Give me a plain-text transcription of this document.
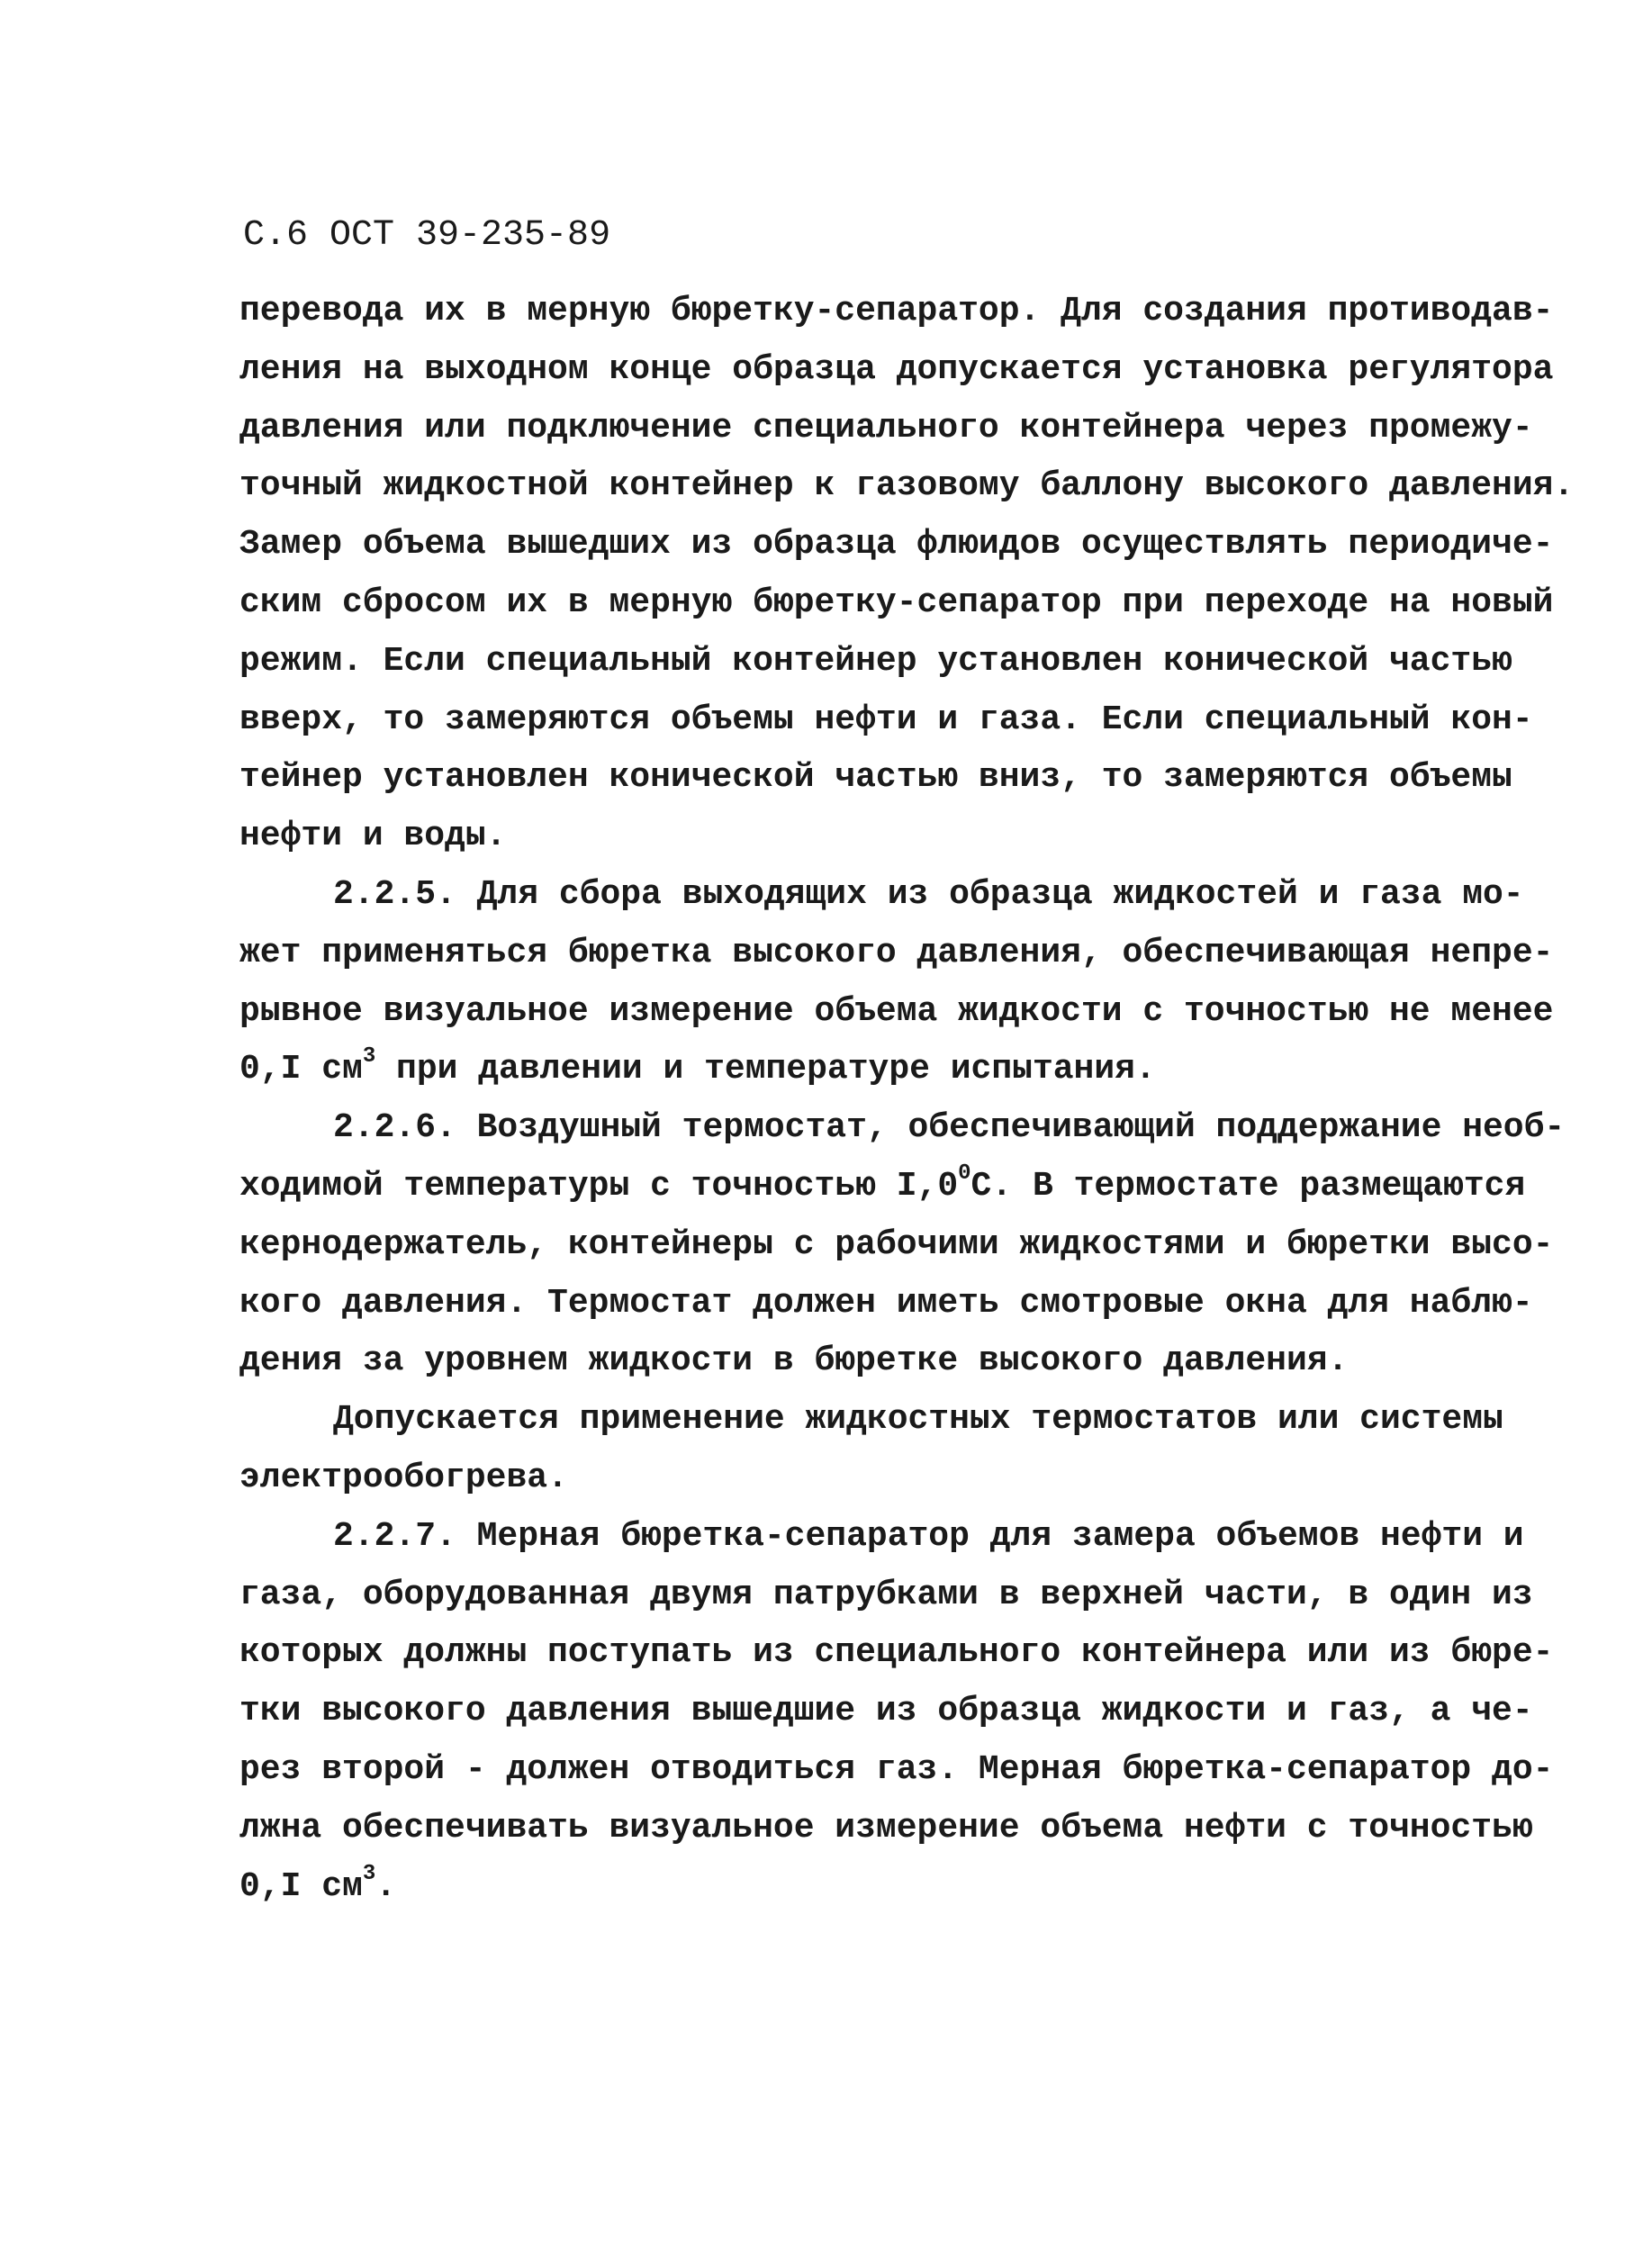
С.6 ОСТ 39-235-89
перевода их в мерную бюретку-сепаратор. Для создания противодав-
ления на выходном конце образца допускается установка регулятора
давления или подключение специального контейнера через промежу-
точный жидкостной контейнер к газовому баллону высокого давления.
Замер объема вышедших из образца флюидов осуществлять периодиче-
ским сбросом их в мерную бюретку-сепаратор при переходе на новый
режим. Если специальный контейнер установлен конической частью
вверх, то замеряются объемы нефти и газа. Если специальный кон-
тейнер установлен конической частью вниз, то замеряются объемы
нефти и воды.
2.2.5. Для сбора выходящих из образца жидкостей и газа мо-
жет применяться бюретка высокого давления, обеспечивающая непре-
рывное визуальное измерение объема жидкости с точностью не менее
0,I $см^3$ при давлении и температуре испытания.
2.2.6. Воздушный термостат, обеспечивающий поддержание необ-
ходимой температуры с точностью $I,0^0С$. В термостате размещаются
кернодержатель, контейнеры с рабочими жидкостями и бюретки высо-
кого давления. Термостат должен иметь смотровые окна для наблю-
дения за уровнем жидкости в бюретке высокого давления.
Допускается применение жидкостных термостатов или системы
электрообогрева.
2.2.7. Мерная бюретка-сепаратор для замера объемов нефти и
газа, оборудованная двумя патрубками в верхней части, в один из
которых должны поступать из специального контейнера или из бюре-
тки высокого давления вышедшие из образца жидкости и газ, а че-
рез второй - должен отводиться газ. Мерная бюретка-сепаратор до-
лжна обеспечивать визуальное измерение объема нефти с точностью
0,I $см^3$.
